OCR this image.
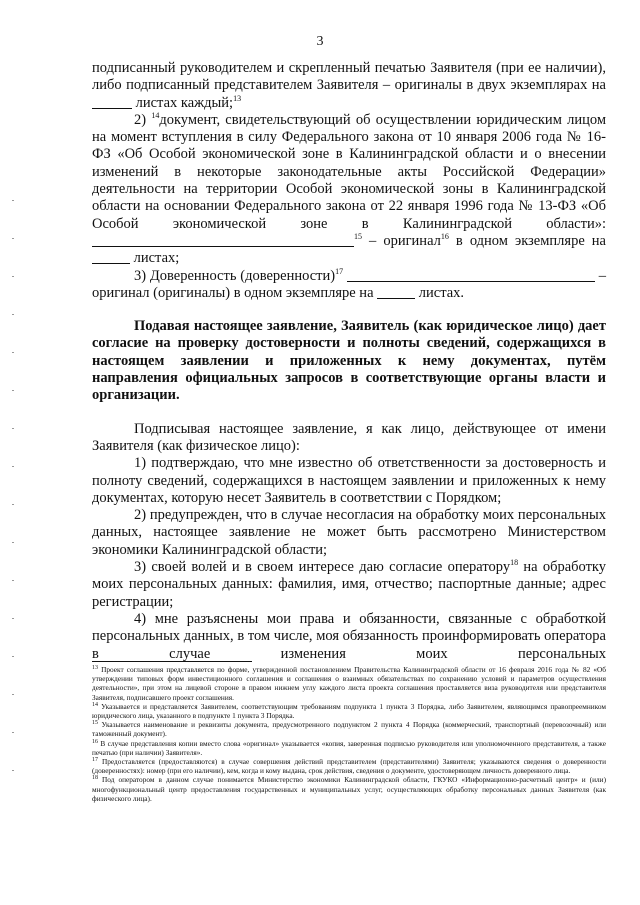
3

подписанный руководителем и скрепленный печатью Заявителя (при ее наличии), либо подписанный представителем Заявителя – оригиналы в двух экземплярах на  листах каждый;$^{13}$

2) $^{14}$документ, свидетельствующий об осуществлении юридическим лицом на момент вступления в силу Федерального закона от 10 января 2006 года № 16-ФЗ «Об Особой экономической зоне в Калининградской области и о внесении изменений в некоторые законодательные акты Российской Федерации» деятельности на территории Особой экономической зоны в Калининградской области на основании Федерального закона от 22 января 1996 года № 13-ФЗ «Об Особой экономической зоне в Калининградской области»: $^{15}$ – оригинал$^{16}$ в одном экземпляре на  листах;

3) Доверенность (доверенности)$^{17}$	– оригинал (оригиналы) в одном экземпляре на	листах.

Подавая настоящее заявление, Заявитель (как юридическое лицо) дает согласие на проверку достоверности и полноты сведений, содержащихся в настоящем заявлении и приложенных к нему документах, путём направления официальных запросов в соответствующие органы власти и организации.

Подписывая настоящее заявление, я как лицо, действующее от имени Заявителя (как физическое лицо):

1) подтверждаю, что мне известно об ответственности за достоверность и полноту сведений, содержащихся в настоящем заявлении и приложенных к нему документах, которую несет Заявитель в соответствии с Порядком;

2) предупрежден, что в случае несогласия на обработку моих персональных данных, настоящее заявление не может быть рассмотрено Министерством экономики Калининградской области;

3) своей волей и в своем интересе даю согласие оператору$^{18}$ на обработку моих персональных данных: фамилия, имя, отчество; паспортные данные; адрес регистрации;

4) мне разъяснены мои права и обязанности, связанные с обработкой персональных данных, в том числе, моя обязанность проинформировать оператора в случае изменения моих персональных

$^{13}$ Проект соглашения представляется по форме, утвержденной постановлением Правительства Калининградской области от 16 февраля 2016 года № 82 «Об утверждении типовых форм инвестиционного соглашения и соглашения о взаимных обязательствах по сохранению условий и параметров осуществления деятельности», при этом на лицевой стороне в правом нижнем углу каждого листа проекта соглашения проставляется виза руководителя или представителя Заявителя, подписавшего проект соглашения.

$^{14}$ Указывается и представляется Заявителем, соответствующим требованиям подпункта 1 пункта 3 Порядка, либо Заявителем, являющимся правопреемником юридического лица, указанного в подпункте 1 пункта 3 Порядка.

$^{15}$ Указывается наименование и реквизиты документа, предусмотренного подпунктом 2 пункта 4 Порядка (коммерческий, транспортный (перевозочный) или таможенный документ).

$^{16}$ В случае представления копии вместо слова «оригинал» указывается «копия, заверенная подписью руководителя или уполномоченного представителя, а также печатью (при наличии) Заявителя».

$^{17}$ Предоставляется (предоставляются) в случае совершения действий представителем (представителями) Заявителя; указываются сведения о доверенности (доверенностях): номер (при его наличии), кем, когда и кому выдана, срок действия, сведения о документе, удостоверяющем личность доверенного лица.

$^{18}$ Под оператором в данном случае понимается Министерство экономики Калининградской области, ГКУКО «Информационно-расчетный центр» и (или) многофункциональный центр предоставления государственных и муниципальных услуг, осуществляющих обработку персональных данных Заявителя (как физического лица).
